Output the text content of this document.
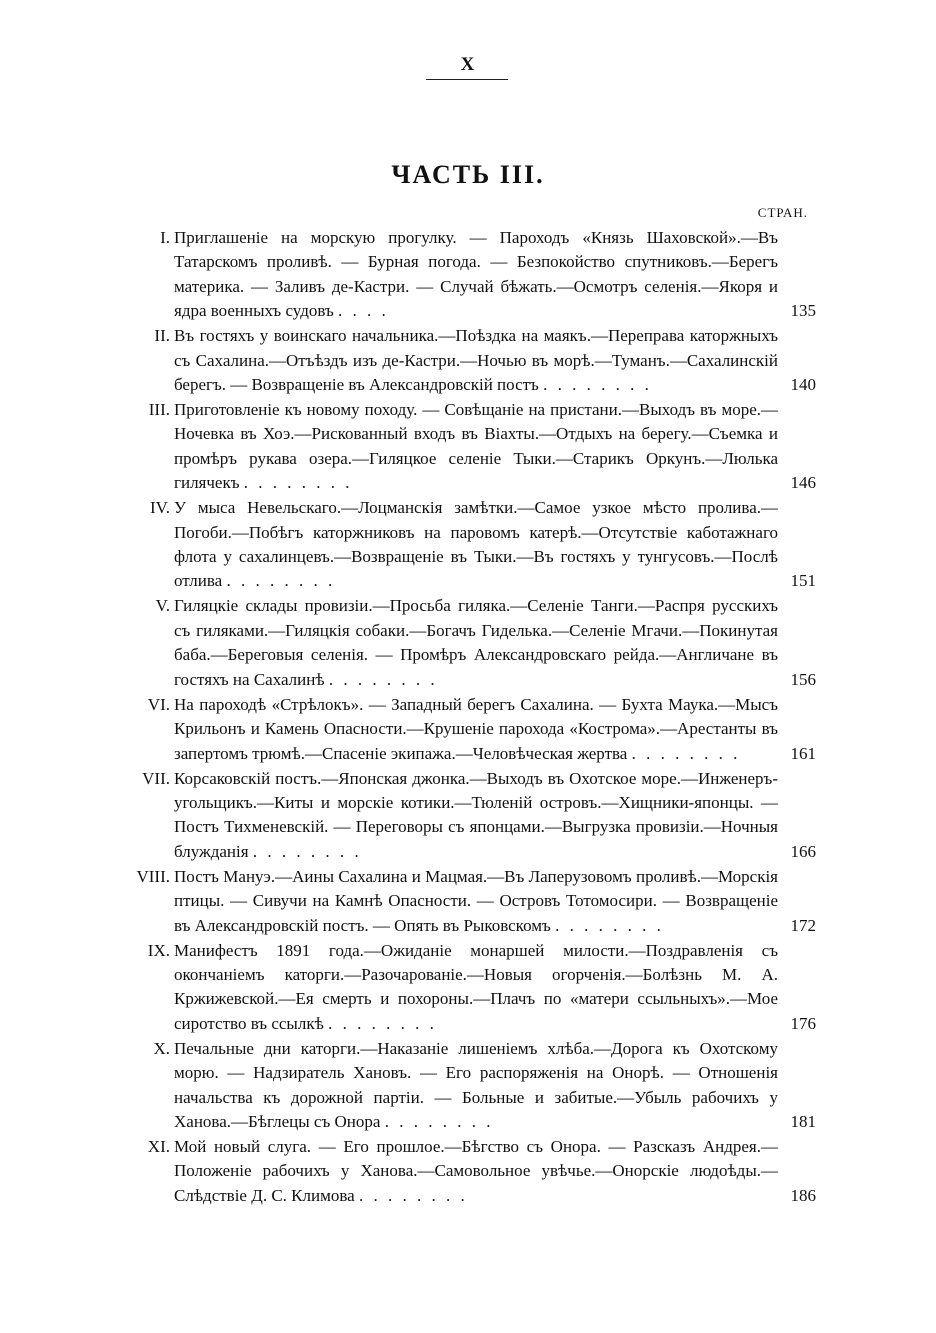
X
ЧАСТЬ III.
СТРАН.
I. Приглашеніе на морскую прогулку. — Пароходъ «Князь Шаховской».—Въ Татарскомъ проливѣ. — Бурная погода. — Безпокойство спутниковъ.—Берегъ материка. — Заливъ де-Кастри. — Случай бѣжать.—Осмотръ селенія.—Якоря и ядра военныхъ судовъ . . . .	135
II. Въ гостяхъ у воинскаго начальника.—Поѣздка на маякъ.—Переправа каторжныхъ съ Сахалина.—Отъѣздъ изъ де-Кастри.—Ночью въ морѣ.—Туманъ.—Сахалинскій берегъ. — Возвращеніе въ Александровскій постъ . . . . . . . .	140
III. Приготовленіе къ новому походу. — Совѣщаніе на пристани.—Выходъ въ море.—Ночевка въ Хоэ.—Рискованный входъ въ Віахты.—Отдыхъ на берегу.—Съемка и промѣръ рукава озера.—Гиляцкое селеніе Тыки.—Старикъ Оркунъ.—Люлька гилячекъ . . . . . . . .	146
IV. У мыса Невельскаго.—Лоцманскія замѣтки.—Самое узкое мѣсто пролива.—Погоби.—Побѣгъ каторжниковъ на паровомъ катерѣ.—Отсутствіе каботажнаго флота у сахалинцевъ.—Возвращеніе въ Тыки.—Въ гостяхъ у тунгусовъ.—Послѣ отлива . . . . . . . .	151
V. Гиляцкіе склады провизіи.—Просьба гиляка.—Селеніе Танги.—Распря русскихъ съ гиляками.—Гиляцкія собаки.—Богачъ Гиделька.—Селеніе Мгачи.—Покинутая баба.—Береговыя селенія. — Промѣръ Александровскаго рейда.—Англичане въ гостяхъ на Сахалинѣ . . . . . . . .	156
VI. На пароходѣ «Стрѣлокъ». — Западный берегъ Сахалина. — Бухта Маука.—Мысъ Крильонъ и Камень Опасности.—Крушеніе парохода «Кострома».—Арестанты въ запертомъ трюмѣ.—Спасеніе экипажа.—Человѣческая жертва . . . . . . . .	161
VII. Корсаковскій постъ.—Японская джонка.—Выходъ въ Охотское море.—Инженеръ-угольщикъ.—Киты и морскіе котики.—Тюленій островъ.—Хищники-японцы. — Постъ Тихменевскій. — Переговоры съ японцами.—Выгрузка провизіи.—Ночныя блужданія . . . . . . . .	166
VIII. Постъ Мануэ.—Аины Сахалина и Мацмая.—Въ Лаперузовомъ проливѣ.—Морскія птицы. — Сивучи на Камнѣ Опасности. — Островъ Тотомосири. — Возвращеніе въ Александровскій постъ. — Опять въ Рыковскомъ . . . . . . . .	172
IX. Манифестъ 1891 года.—Ожиданіе монаршей милости.—Поздравленія съ окончаніемъ каторги.—Разочарованіе.—Новыя огорченія.—Болѣзнь М. А. Кржижевской.—Ея смерть и похороны.—Плачъ по «матери ссыльныхъ».—Мое сиротство въ ссылкѣ . . . . . . . .	176
X. Печальные дни каторги.—Наказаніе лишеніемъ хлѣба.—Дорога къ Охотскому морю. — Надзиратель Хановъ. — Его распоряженія на Онорѣ. — Отношенія начальства къ дорожной партіи. — Больные и забитые.—Убыль рабочихъ у Ханова.—Бѣглецы съ Онора . . . . . . . .	181
XI. Мой новый слуга. — Его прошлое.—Бѣгство съ Онора. — Разсказъ Андрея.—Положеніе рабочихъ у Ханова.—Самовольное увѣчье.—Онорскіе людоѣды.—Слѣдствіе Д. С. Климова . . . . . . . .	186
